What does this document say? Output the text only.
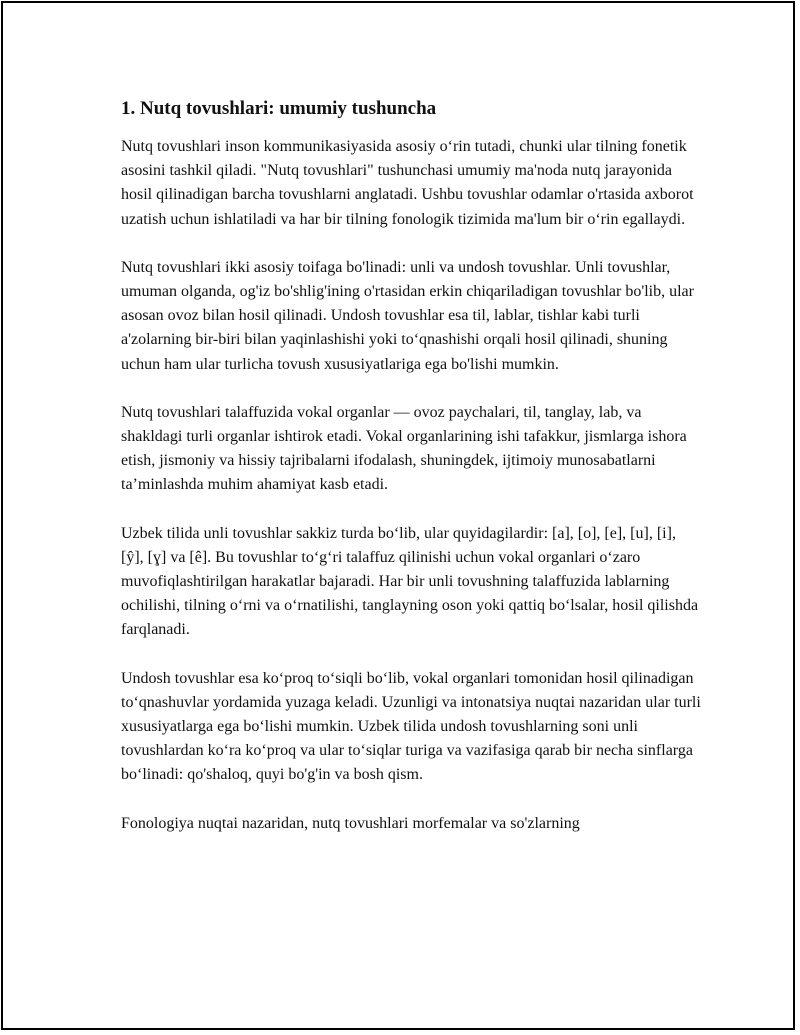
1. Nutq tovushlari: umumiy tushuncha

Nutq tovushlari inson kommunikasiyasida asosiy oʻrin tutadi, chunki ular tilning fonetik asosini tashkil qiladi. "Nutq tovushlari" tushunchasi umumiy ma'noda nutq jarayonida hosil qilinadigan barcha tovushlarni anglatadi. Ushbu tovushlar odamlar o'rtasida axborot uzatish uchun ishlatiladi va har bir tilning fonologik tizimida ma'lum bir oʻrin egallaydi.

Nutq tovushlari ikki asosiy toifaga bo'linadi: unli va undosh tovushlar. Unli tovushlar, umuman olganda, og'iz bo'shlig'ining o'rtasidan erkin chiqariladigan tovushlar bo'lib, ular asosan ovoz bilan hosil qilinadi. Undosh tovushlar esa til, lablar, tishlar kabi turli a'zolarning bir-biri bilan yaqinlashishi yoki toʻqnashishi orqali hosil qilinadi, shuning uchun ham ular turlicha tovush xususiyatlariga ega bo'lishi mumkin.

Nutq tovushlari talaffuzida vokal organlar — ovoz paychalari, til, tanglay, lab, va shakldagi turli organlar ishtirok etadi. Vokal organlarining ishi tafakkur, jismlarga ishora etish, jismoniy va hissiy tajribalarni ifodalash, shuningdek, ijtimoiy munosabatlarni ta’minlashda muhim ahamiyat kasb etadi.

Uzbek tilida unli tovushlar sakkiz turda boʻlib, ular quyidagilardir: [a], [o], [e], [u], [i], [ŷ], [ɣ] va [ê]. Bu tovushlar toʻgʻri talaffuz qilinishi uchun vokal organlari oʻzaro muvofiqlashtirilgan harakatlar bajaradi. Har bir unli tovushning talaffuzida lablarning ochilishi, tilning oʻrni va oʻrnatilishi, tanglayning oson yoki qattiq boʻlsalar, hosil qilishda farqlanadi.

Undosh tovushlar esa koʻproq toʻsiqli boʻlib, vokal organlari tomonidan hosil qilinadigan toʻqnashuvlar yordamida yuzaga keladi. Uzunligi va intonatsiya nuqtai nazaridan ular turli xususiyatlarga ega boʻlishi mumkin. Uzbek tilida undosh tovushlarning soni unli tovushlardan koʻra koʻproq va ular toʻsiqlar turiga va vazifasiga qarab bir necha sinflarga boʻlinadi: qo'shaloq, quyi bo'g'in va bosh qism.

Fonologiya nuqtai nazaridan, nutq tovushlari morfemalar va so'zlarning
